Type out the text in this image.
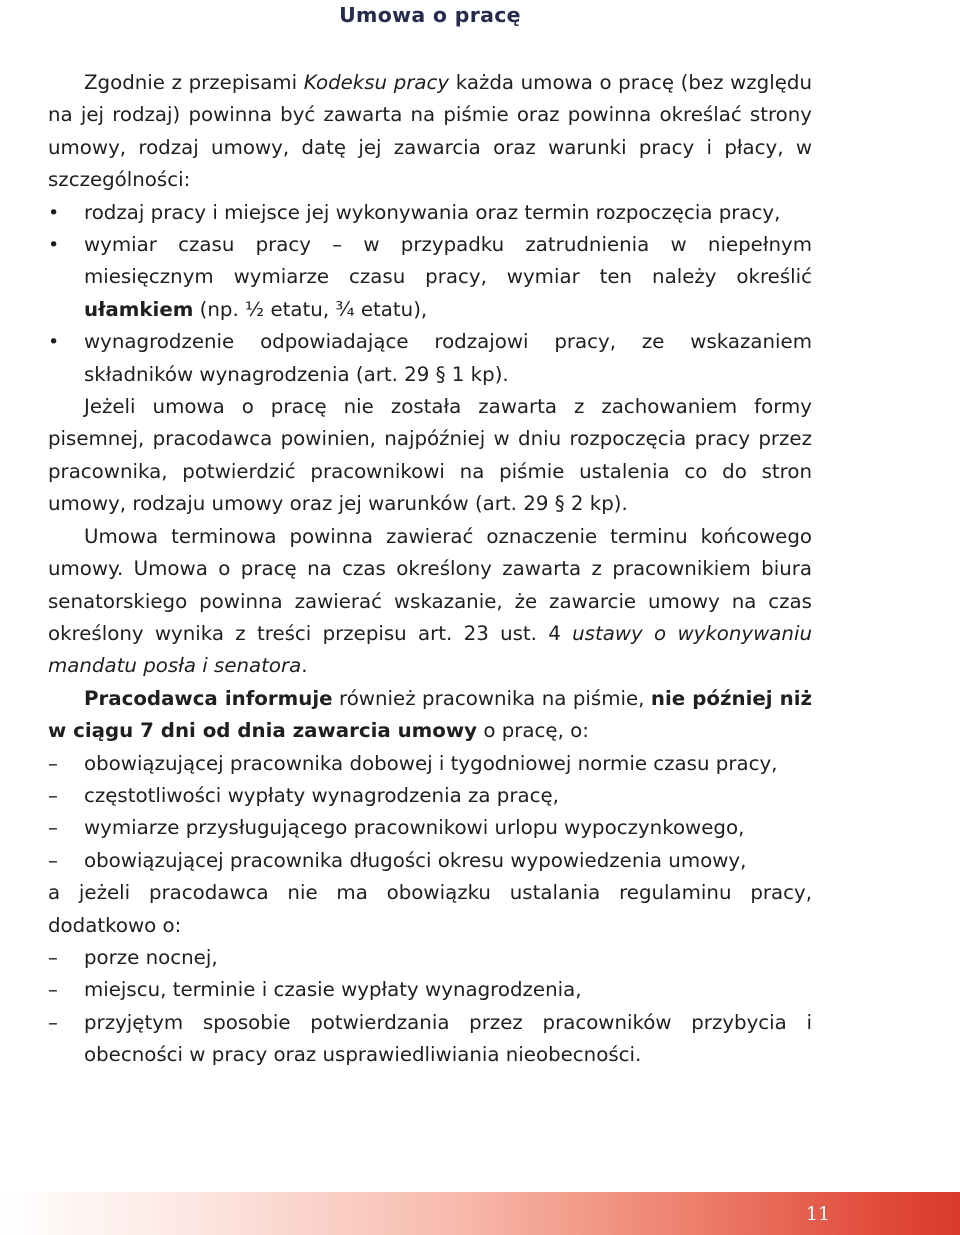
Umowa o pracę

Zgodnie z przepisami Kodeksu pracy każda umowa o pracę (bez względu na jej rodzaj) powinna być zawarta na piśmie oraz powinna określać strony umowy, rodzaj umowy, datę jej zawarcia oraz warunki pracy i płacy, w szczególności:

• rodzaj pracy i miejsce jej wykonywania oraz termin rozpoczęcia pracy,
• wymiar czasu pracy – w przypadku zatrudnienia w niepełnym miesięcznym wymiarze czasu pracy, wymiar ten należy określić ułamkiem (np. ½ etatu, ¾ etatu),
• wynagrodzenie odpowiadające rodzajowi pracy, ze wskazaniem składników wynagrodzenia (art. 29 § 1 kp).

Jeżeli umowa o pracę nie została zawarta z zachowaniem formy pisemnej, pracodawca powinien, najpóźniej w dniu rozpoczęcia pracy przez pracownika, potwierdzić pracownikowi na piśmie ustalenia co do stron umowy, rodzaju umowy oraz jej warunków (art. 29 § 2 kp).

Umowa terminowa powinna zawierać oznaczenie terminu końcowego umowy. Umowa o pracę na czas określony zawarta z pracownikiem biura senatorskiego powinna zawierać wskazanie, że zawarcie umowy na czas określony wynika z treści przepisu art. 23 ust. 4 ustawy o wykonywaniu mandatu posła i senatora.

Pracodawca informuje również pracownika na piśmie, nie później niż w ciągu 7 dni od dnia zawarcia umowy o pracę, o:

– obowiązującej pracownika dobowej i tygodniowej normie czasu pracy,
– częstotliwości wypłaty wynagrodzenia za pracę,
– wymiarze przysługującego pracownikowi urlopu wypoczynkowego,
– obowiązującej pracownika długości okresu wypowiedzenia umowy,

a jeżeli pracodawca nie ma obowiązku ustalania regulaminu pracy, dodatkowo o:

– porze nocnej,
– miejscu, terminie i czasie wypłaty wynagrodzenia,
– przyjętym sposobie potwierdzania przez pracowników przybycia i obecności w pracy oraz usprawiedliwiania nieobecności.
11
